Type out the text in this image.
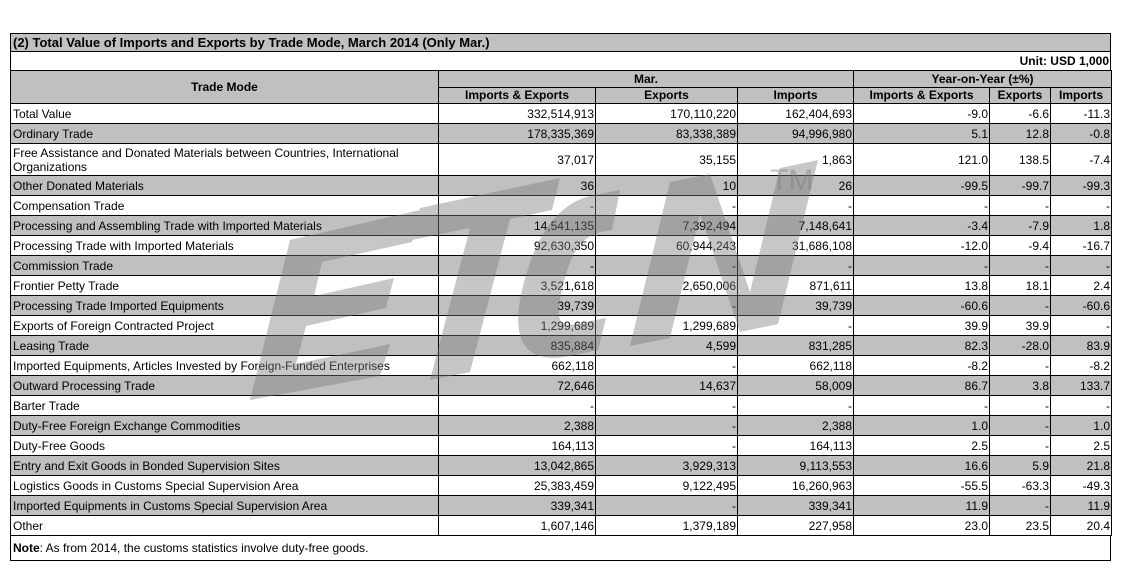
(2) Total Value of Imports and Exports by Trade Mode, March 2014 (Only Mar.)
Unit: USD 1,000
Trade Mode	Mar.			Year-on-Year (±%)		
	Imports & Exports	Exports	Imports	Imports & Exports	Exports	Imports
Total Value	332,514,913	170,110,220	162,404,693	-9.0	-6.6	-11.3
Ordinary Trade	178,335,369	83,338,389	94,996,980	5.1	12.8	-0.8
Free Assistance and Donated Materials between Countries, International Organizations	37,017	35,155	1,863	121.0	138.5	-7.4
Other Donated Materials	36	10	26	-99.5	-99.7	-99.3
Compensation Trade	-	-	-	-	-	-
Processing and Assembling Trade with Imported Materials	14,541,135	7,392,494	7,148,641	-3.4	-7.9	1.8
Processing Trade with Imported Materials	92,630,350	60,944,243	31,686,108	-12.0	-9.4	-16.7
Commission Trade	-	-	-	-	-	-
Frontier Petty Trade	3,521,618	2,650,006	871,611	13.8	18.1	2.4
Processing Trade Imported Equipments	39,739	-	39,739	-60.6	-	-60.6
Exports of Foreign Contracted Project	1,299,689	1,299,689	-	39.9	39.9	-
Leasing Trade	835,884	4,599	831,285	82.3	-28.0	83.9
Imported Equipments, Articles Invested by Foreign-Funded Enterprises	662,118	-	662,118	-8.2	-	-8.2
Outward Processing Trade	72,646	14,637	58,009	86.7	3.8	133.7
Barter Trade	-	-	-	-	-	-
Duty-Free Foreign Exchange Commodities	2,388	-	2,388	1.0	-	1.0
Duty-Free Goods	164,113	-	164,113	2.5	-	2.5
Entry and Exit Goods in Bonded Supervision Sites	13,042,865	3,929,313	9,113,553	16.6	5.9	21.8
Logistics Goods in Customs Special Supervision Area	25,383,459	9,122,495	16,260,963	-55.5	-63.3	-49.3
Imported Equipments in Customs Special Supervision Area	339,341	-	339,341	11.9	-	11.9
Other	1,607,146	1,379,189	227,958	23.0	23.5	20.4
Note: As from 2014, the customs statistics involve duty-free goods.
TM
